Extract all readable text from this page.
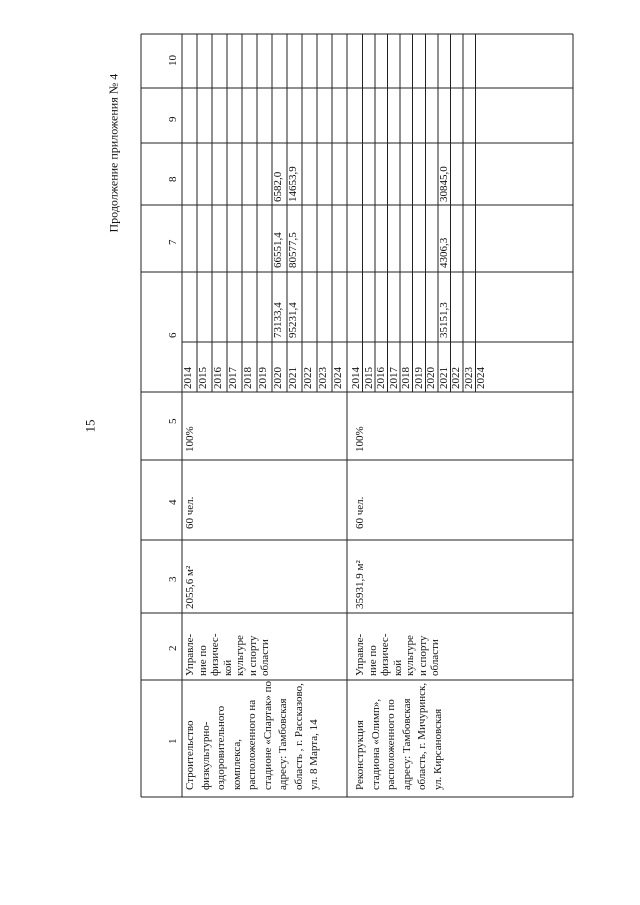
15
Продолжение приложения № 4
1
2
3
4
5
6
7
8
9
10
Строительство физкультурно- оздоровительного комплекса, расположенного на стадионе «Спартак» по адресу: Тамбовская область , г. Рассказово, ул. 8 Марта, 14
Управле- ние по физичес- кой культуре и спорту области
2055,6 м²
60 чел.
100%
2014 2015 2016 2017 2018 2019 2020
73133,4
66551,4
6582,0
2021
95231,4
80577,5
14653,9
2022 2023 2024
Реконструкция стадиона «Олимп», расположенного по адресу: Тамбовская область, г. Мичуринск, ул. Кирсановская
Управле- ние по физичес- кой культуре и спорту области
35931,9 м²
60 чел.
100%
2014 2015 2016 2017 2018 2019 2020 2021
35151,3
4306,3
30845,0
2022 2023 2024
